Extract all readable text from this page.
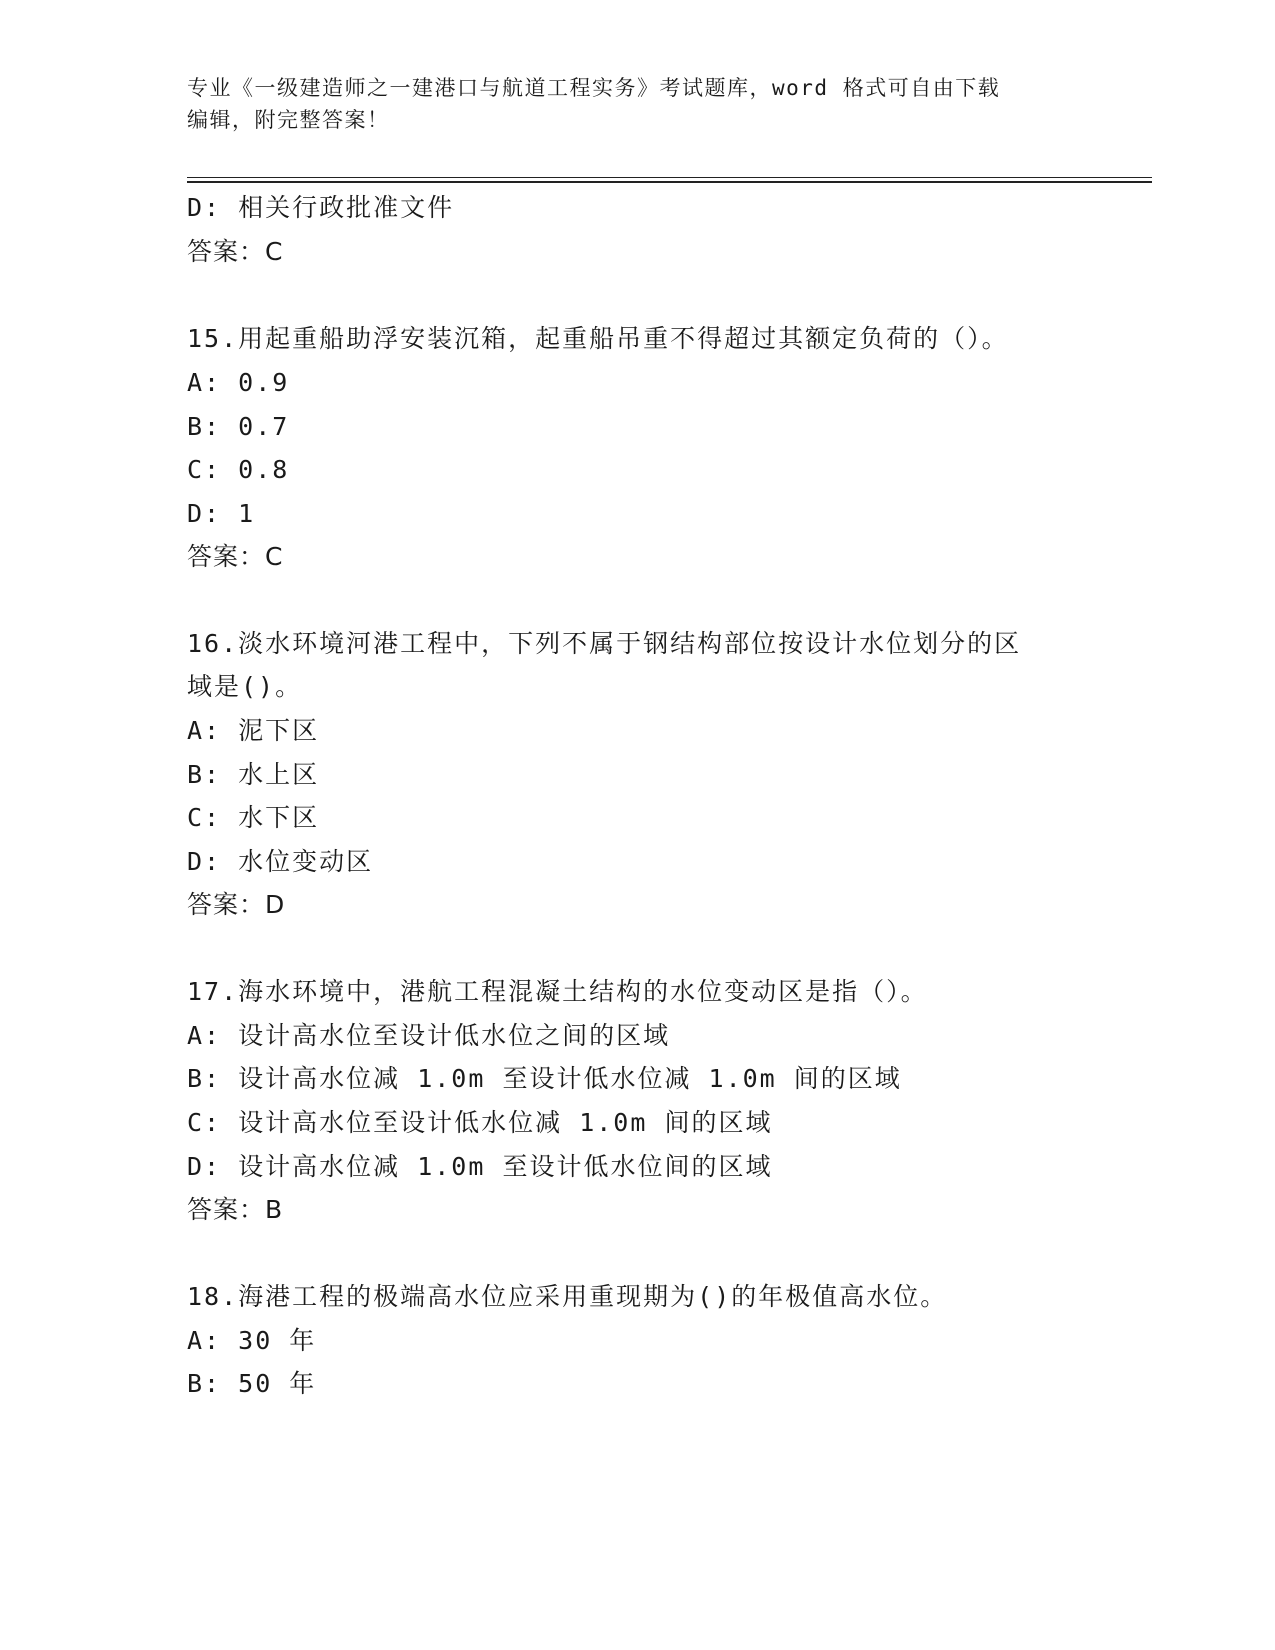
专业《一级建造师之一建港口与航道工程实务》考试题库，word 格式可自由下载
编辑，附完整答案！
D: 相关行政批准文件
答案：C
15.用起重船助浮安装沉箱，起重船吊重不得超过其额定负荷的（）。
A: 0.9
B: 0.7
C: 0.8
D: 1
答案：C
16.淡水环境河港工程中，下列不属于钢结构部位按设计水位划分的区
域是()。
A: 泥下区
B: 水上区
C: 水下区
D: 水位变动区
答案：D
17.海水环境中，港航工程混凝土结构的水位变动区是指（）。
A: 设计高水位至设计低水位之间的区域
B: 设计高水位减 1.0m 至设计低水位减 1.0m 间的区域
C: 设计高水位至设计低水位减 1.0m 间的区域
D: 设计高水位减 1.0m 至设计低水位间的区域
答案：B
18.海港工程的极端高水位应采用重现期为()的年极值高水位。
A: 30 年
B: 50 年
